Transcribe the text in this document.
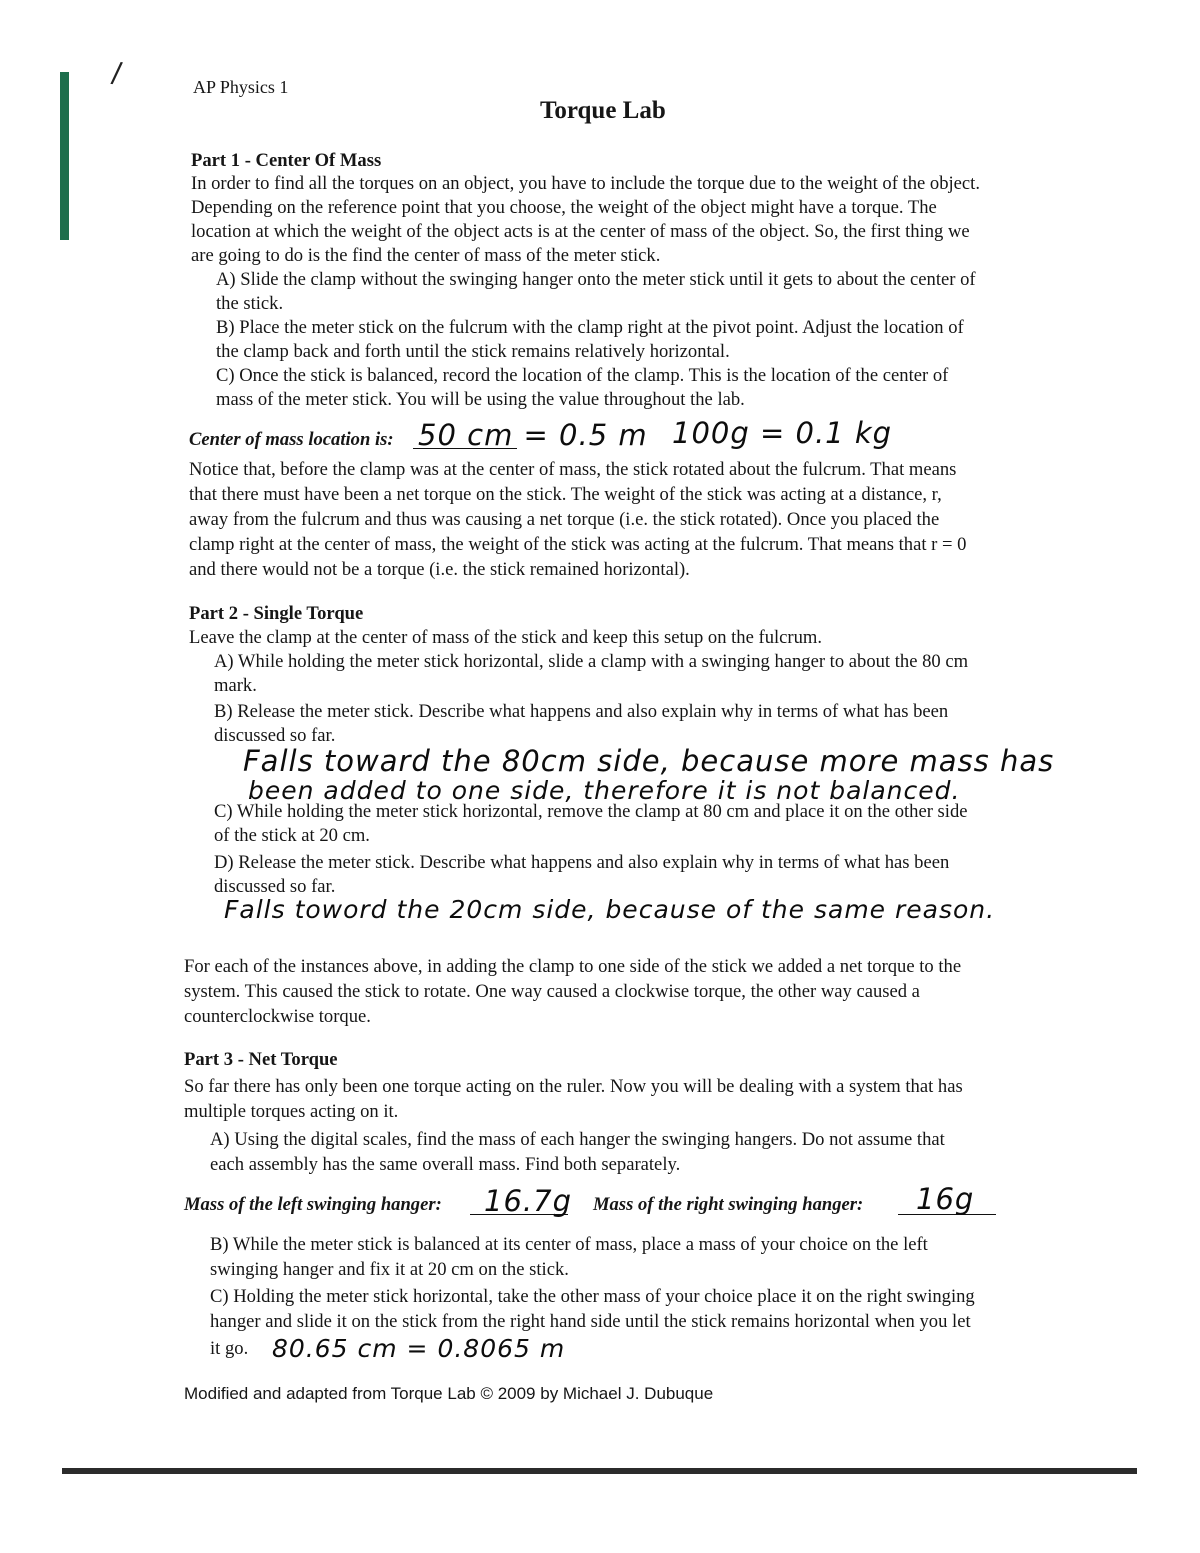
/	AP Physics 1
Torque Lab
Part 1 - Center Of Mass
In order to find all the torques on an object, you have to include the torque due to the weight of the object.
Depending on the reference point that you choose, the weight of the object might have a torque. The
location at which the weight of the object acts is at the center of mass of the object. So, the first thing we
are going to do is the find the center of mass of the meter stick.
A) Slide the clamp without the swinging hanger onto the meter stick until it gets to about the center of
the stick.
B) Place the meter stick on the fulcrum with the clamp right at the pivot point. Adjust the location of
the clamp back and forth until the stick remains relatively horizontal.
C) Once the stick is balanced, record the location of the clamp. This is the location of the center of
mass of the meter stick. You will be using the value throughout the lab.
Center of mass location is: 50 cm = 0.5 m 100g = 0.1 kg
Notice that, before the clamp was at the center of mass, the stick rotated about the fulcrum. That means
that there must have been a net torque on the stick. The weight of the stick was acting at a distance, r,
away from the fulcrum and thus was causing a net torque (i.e. the stick rotated). Once you placed the
clamp right at the center of mass, the weight of the stick was acting at the fulcrum. That means that r = 0
and there would not be a torque (i.e. the stick remained horizontal).
Part 2 - Single Torque
Leave the clamp at the center of mass of the stick and keep this setup on the fulcrum.
A) While holding the meter stick horizontal, slide a clamp with a swinging hanger to about the 80 cm
mark.
B) Release the meter stick. Describe what happens and also explain why in terms of what has been
discussed so far.
Falls toward the 80cm side, because more mass has
been added to one side, therefore it is not balanced.
C) While holding the meter stick horizontal, remove the clamp at 80 cm and place it on the other side
of the stick at 20 cm.
D) Release the meter stick. Describe what happens and also explain why in terms of what has been
discussed so far.
Falls toword the 20cm side, because of the same reason.
For each of the instances above, in adding the clamp to one side of the stick we added a net torque to the
system. This caused the stick to rotate. One way caused a clockwise torque, the other way caused a
counterclockwise torque.
Part 3 - Net Torque
So far there has only been one torque acting on the ruler. Now you will be dealing with a system that has
multiple torques acting on it.
A) Using the digital scales, find the mass of each hanger the swinging hangers. Do not assume that
each assembly has the same overall mass. Find both separately.
Mass of the left swinging hanger: 16.7g Mass of the right swinging hanger: 16g
B) While the meter stick is balanced at its center of mass, place a mass of your choice on the left
swinging hanger and fix it at 20 cm on the stick.
C) Holding the meter stick horizontal, take the other mass of your choice place it on the right swinging
hanger and slide it on the stick from the right hand side until the stick remains horizontal when you let
it go. 80.65 cm = 0.8065 m
Modified and adapted from Torque Lab © 2009 by Michael J. Dubuque
